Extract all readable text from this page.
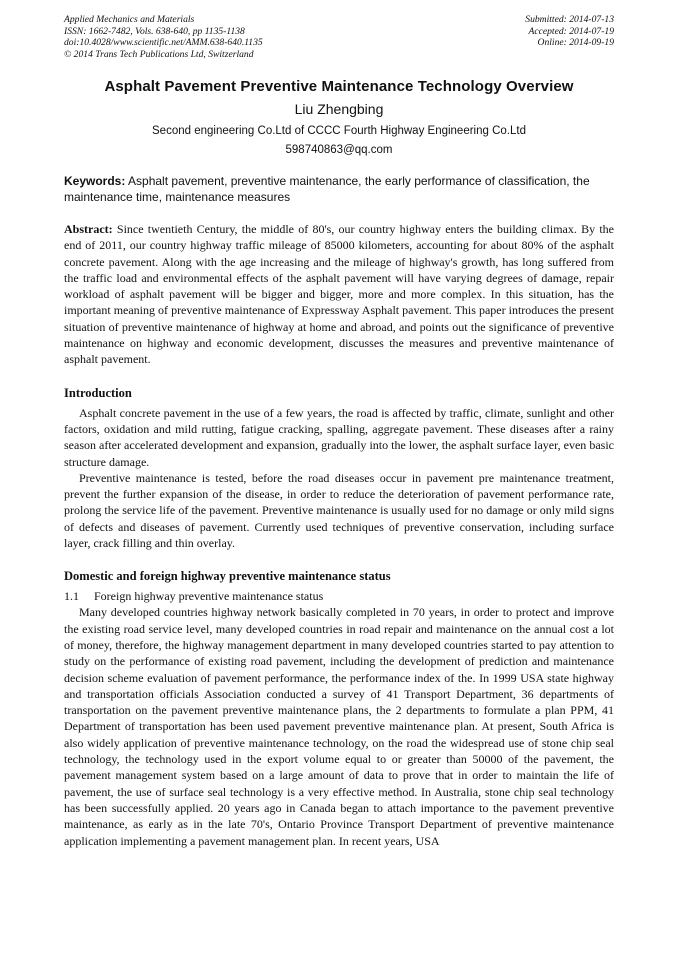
Applied Mechanics and Materials
ISSN: 1662-7482, Vols. 638-640, pp 1135-1138
doi:10.4028/www.scientific.net/AMM.638-640.1135
© 2014 Trans Tech Publications Ltd, Switzerland
Submitted: 2014-07-13
Accepted: 2014-07-19
Online: 2014-09-19
Asphalt Pavement Preventive Maintenance Technology Overview
Liu Zhengbing
Second engineering Co.Ltd of CCCC Fourth Highway Engineering Co.Ltd
598740863@qq.com
Keywords: Asphalt pavement, preventive maintenance, the early performance of classification, the maintenance time, maintenance measures
Abstract: Since twentieth Century, the middle of 80's, our country highway enters the building climax. By the end of 2011, our country highway traffic mileage of 85000 kilometers, accounting for about 80% of the asphalt concrete pavement. Along with the age increasing and the mileage of highway's growth, has long suffered from the traffic load and environmental effects of the asphalt pavement will have varying degrees of damage, repair workload of asphalt pavement will be bigger and bigger, more and more complex. In this situation, has the important meaning of preventive maintenance of Expressway Asphalt pavement. This paper introduces the present situation of preventive maintenance of highway at home and abroad, and points out the significance of preventive maintenance on highway and economic development, discusses the measures and preventive maintenance of asphalt pavement.
Introduction

Asphalt concrete pavement in the use of a few years, the road is affected by traffic, climate, sunlight and other factors, oxidation and mild rutting, fatigue cracking, spalling, aggregate pavement. These diseases after a rainy season after accelerated development and expansion, gradually into the lower, the asphalt surface layer, even basic structure damage.

Preventive maintenance is tested, before the road diseases occur in pavement pre maintenance treatment, prevent the further expansion of the disease, in order to reduce the deterioration of pavement performance rate, prolong the service life of the pavement. Preventive maintenance is usually used for no damage or only mild signs of defects and diseases of pavement. Currently used techniques of preventive conservation, including surface layer, crack filling and thin overlay.

Domestic and foreign highway preventive maintenance status
1.1 Foreign highway preventive maintenance status

Many developed countries highway network basically completed in 70 years, in order to protect and improve the existing road service level, many developed countries in road repair and maintenance on the annual cost a lot of money, therefore, the highway management department in many developed countries started to pay attention to study on the performance of existing road pavement, including the development of prediction and maintenance decision scheme evaluation of pavement performance, the performance index of the. In 1999 USA state highway and transportation officials Association conducted a survey of 41 Transport Department, 36 departments of transportation on the pavement preventive maintenance plans, the 2 departments to formulate a plan PPM, 41 Department of transportation has been used pavement preventive maintenance plan. At present, South Africa is also widely application of preventive maintenance technology, on the road the widespread use of stone chip seal technology, the technology used in the export volume equal to or greater than 50000 of the pavement, the pavement management system based on a large amount of data to prove that in order to maintain the life of pavement, the use of surface seal technology is a very effective method. In Australia, stone chip seal technology has been successfully applied. 20 years ago in Canada began to attach importance to the pavement preventive maintenance, as early as in the late 70's, Ontario Province Transport Department of preventive maintenance application implementing a pavement management plan. In recent years, USA
